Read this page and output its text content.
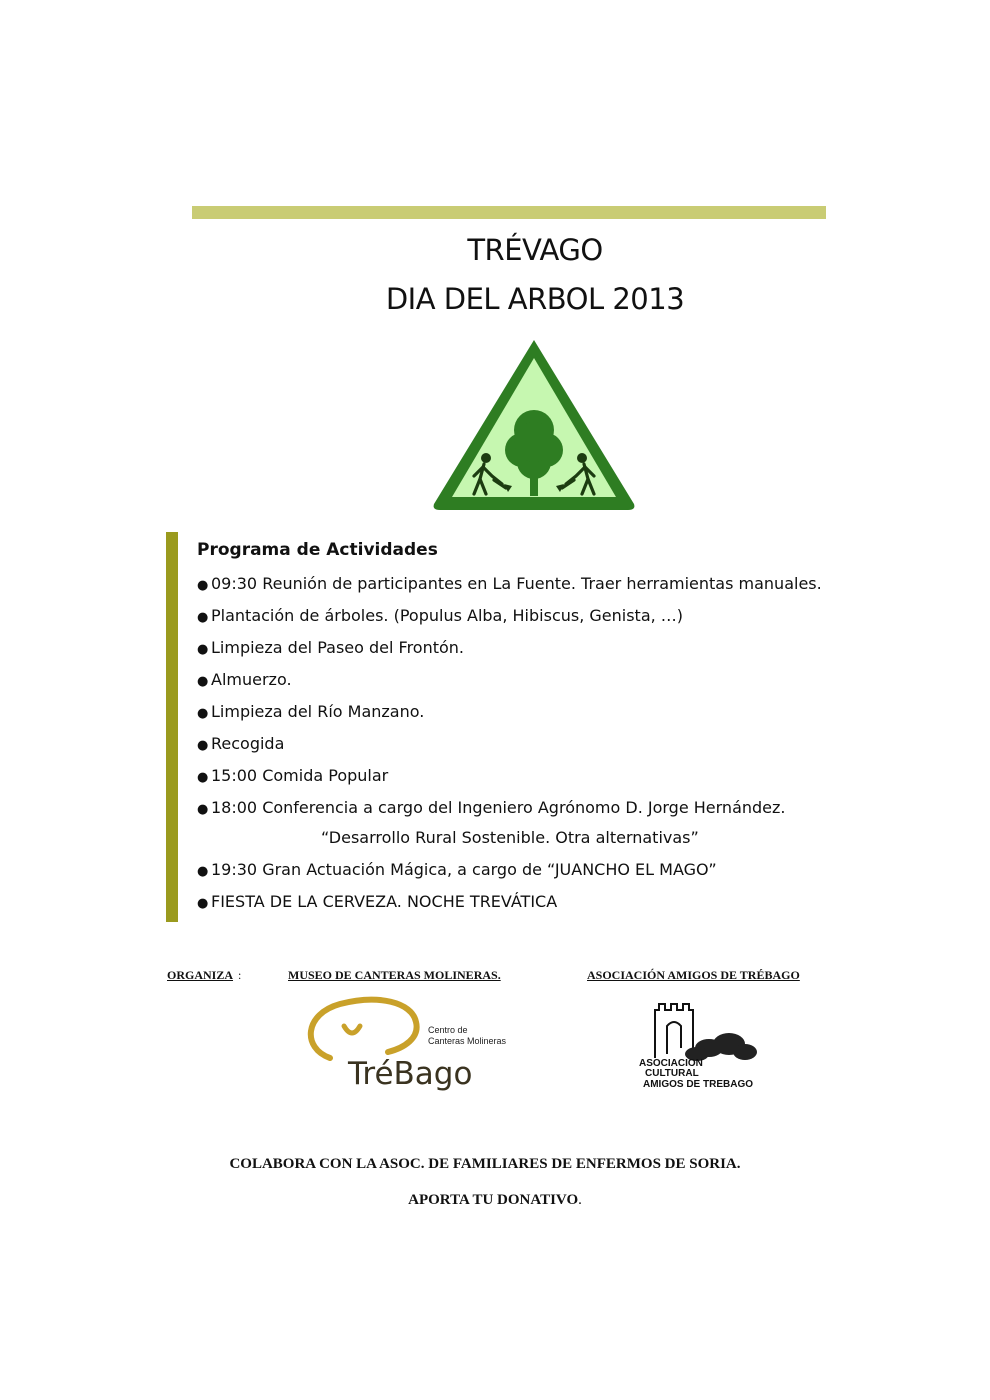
TRÉVAGO
DIA DEL ARBOL 2013
Programa de Actividades
● 09:30 Reunión de participantes en La Fuente. Traer herramientas manuales.
● Plantación de árboles. (Populus Alba, Hibiscus, Genista, …)
● Limpieza del Paseo del Frontón.
● Almuerzo.
● Limpieza del Río Manzano.
● Recogida
● 15:00 Comida Popular
● 18:00 Conferencia a cargo del Ingeniero Agrónomo D. Jorge Hernández.
“Desarrollo Rural Sostenible. Otra alternativas”
● 19:30 Gran Actuación Mágica, a cargo de “JUANCHO EL MAGO”
● FIESTA DE LA CERVEZA. NOCHE TREVÁTICA
ORGANIZA :	MUSEO DE CANTERAS MOLINERAS.	ASOCIACIÓN AMIGOS DE TRÉBAGO
TréBago
Centro de
Canteras Molineras
ASOCIACION
CULTURAL
AMIGOS DE TREBAGO
COLABORA CON LA ASOC. DE FAMILIARES DE ENFERMOS DE SORIA.
APORTA TU DONATIVO.
